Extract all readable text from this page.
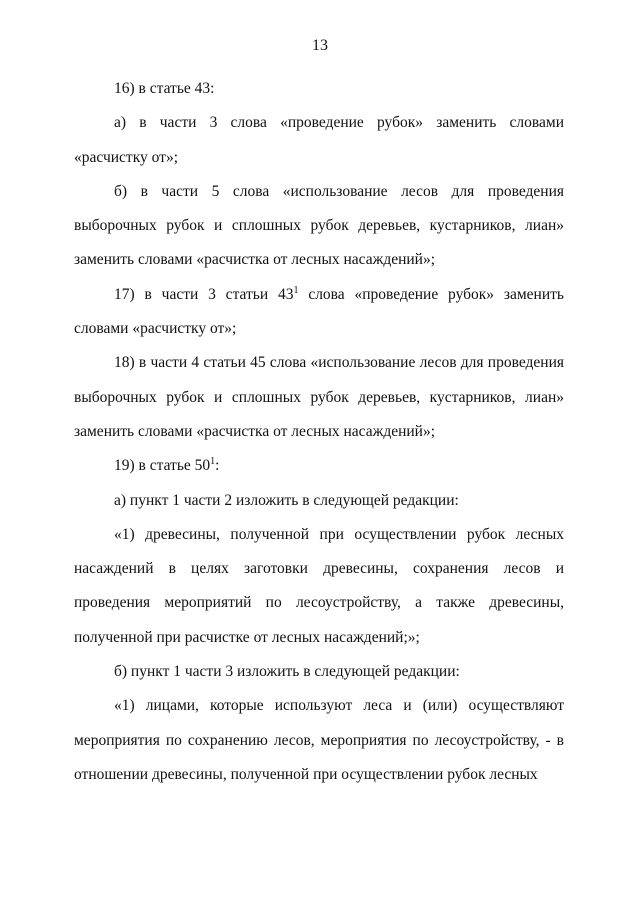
13

16) в статье 43:

а) в части 3 слова «проведение рубок» заменить словами «расчистку от»;

б) в части 5 слова «использование лесов для проведения выборочных рубок и сплошных рубок деревьев, кустарников, лиан» заменить словами «расчистка от лесных насаждений»;

17) в части 3 статьи $43^1$ слова «проведение рубок» заменить словами «расчистку от»;

18) в части 4 статьи 45 слова «использование лесов для проведения выборочных рубок и сплошных рубок деревьев, кустарников, лиан» заменить словами «расчистка от лесных насаждений»;

19) в статье $50^1$:

а) пункт 1 части 2 изложить в следующей редакции:

«1) древесины, полученной при осуществлении рубок лесных насаждений в целях заготовки древесины, сохранения лесов и проведения мероприятий по лесоустройству, а также древесины, полученной при расчистке от лесных насаждений;»;

б) пункт 1 части 3 изложить в следующей редакции:

«1) лицами, которые используют леса и (или) осуществляют мероприятия по сохранению лесов, мероприятия по лесоустройству, - в отношении древесины, полученной при осуществлении рубок лесных
